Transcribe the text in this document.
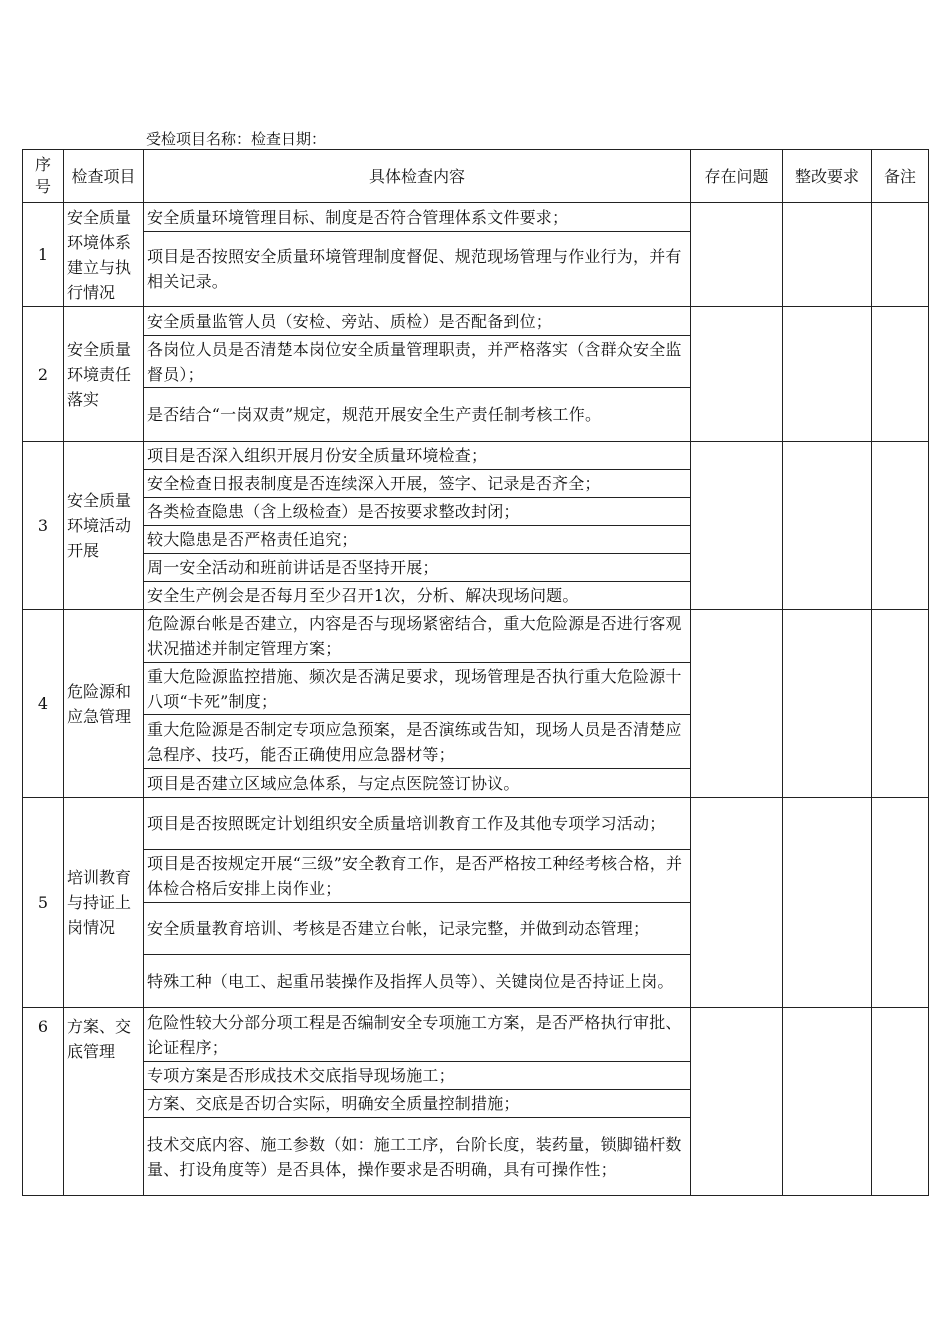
受检项目名称：检查日期：
序
号	检查项目	具体检查内容	存在问题	整改要求	备注
1	安全质量环境体系建立与执行情况	安全质量环境管理目标、制度是否符合管理体系文件要求；			
		项目是否按照安全质量环境管理制度督促、规范现场管理与作业行为，并有相关记录。			
2	安全质量环境责任落实	安全质量监管人员（安检、旁站、质检）是否配备到位；			
		各岗位人员是否清楚本岗位安全质量管理职责，并严格落实（含群众安全监督员）；			
		是否结合“一岗双责”规定，规范开展安全生产责任制考核工作。			
3	安全质量环境活动开展	项目是否深入组织开展月份安全质量环境检查；			
		安全检查日报表制度是否连续深入开展，签字、记录是否齐全；			
		各类检查隐患（含上级检查）是否按要求整改封闭；			
		较大隐患是否严格责任追究；			
		周一安全活动和班前讲话是否坚持开展；			
		安全生产例会是否每月至少召开1次，分析、解决现场问题。			
4	危险源和应急管理	危险源台帐是否建立，内容是否与现场紧密结合，重大危险源是否进行客观状况描述并制定管理方案；			
		重大危险源监控措施、频次是否满足要求，现场管理是否执行重大危险源十八项“卡死”制度；			
		重大危险源是否制定专项应急预案，是否演练或告知，现场人员是否清楚应急程序、技巧，能否正确使用应急器材等；			
		项目是否建立区域应急体系，与定点医院签订协议。			
5	培训教育与持证上岗情况	项目是否按照既定计划组织安全质量培训教育工作及其他专项学习活动；			
		项目是否按规定开展“三级”安全教育工作，是否严格按工种经考核合格，并体检合格后安排上岗作业；			
		安全质量教育培训、考核是否建立台帐，记录完整，并做到动态管理；			
		特殊工种（电工、起重吊装操作及指挥人员等）、关键岗位是否持证上岗。			
6	方案、交底管理	危险性较大分部分项工程是否编制安全专项施工方案，是否严格执行审批、论证程序；			
		专项方案是否形成技术交底指导现场施工；			
		方案、交底是否切合实际，明确安全质量控制措施；			
		技术交底内容、施工参数（如：施工工序，台阶长度，装药量，锁脚锚杆数量、打设角度等）是否具体，操作要求是否明确，具有可操作性；			
